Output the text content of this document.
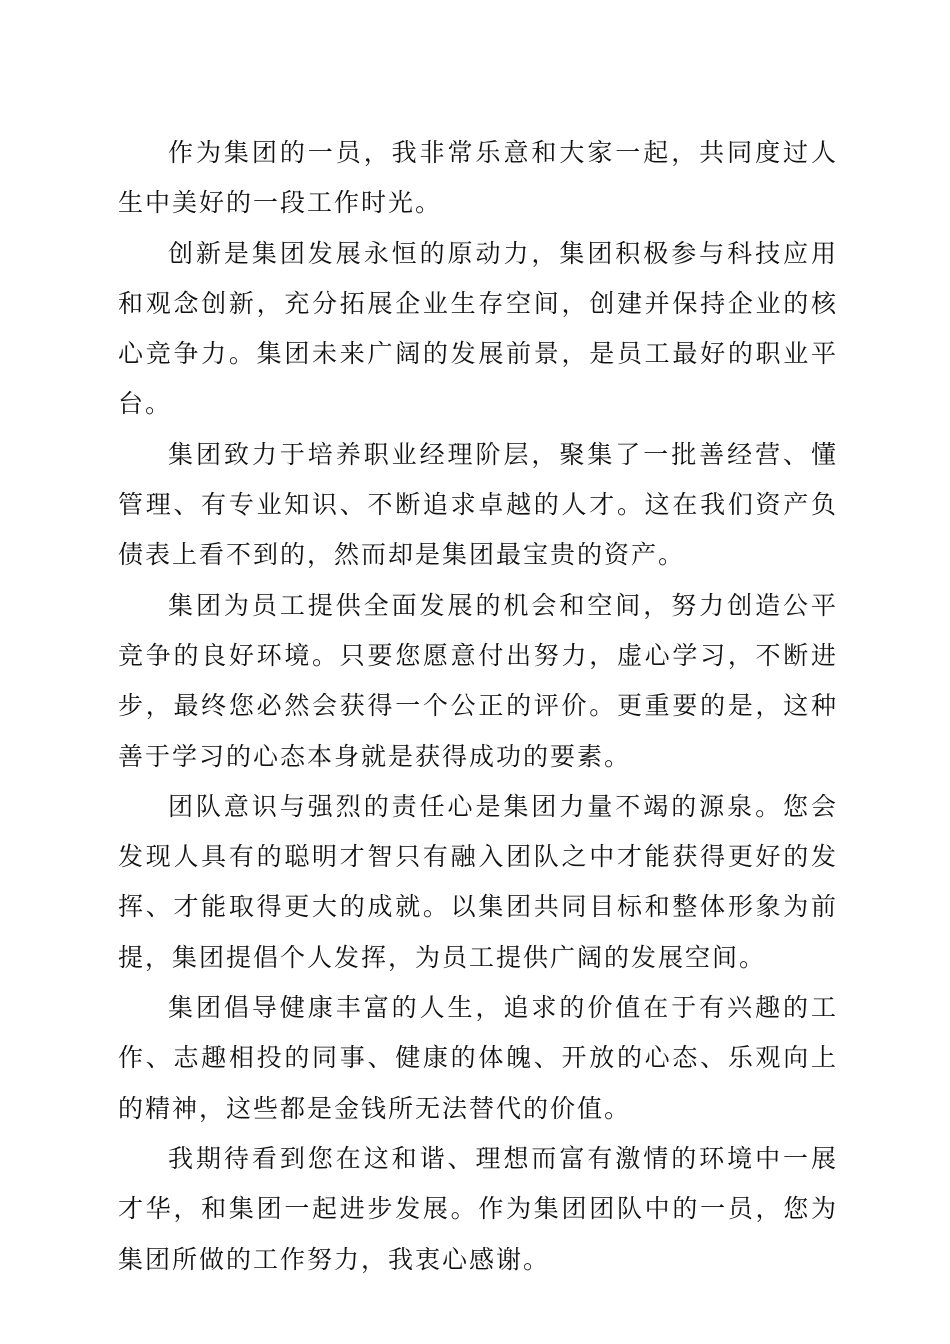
作为集团的一员，我非常乐意和大家一起，共同度过人生中美好的一段工作时光。

创新是集团发展永恒的原动力，集团积极参与科技应用和观念创新，充分拓展企业生存空间，创建并保持企业的核心竞争力。集团未来广阔的发展前景，是员工最好的职业平台。

集团致力于培养职业经理阶层，聚集了一批善经营、懂管理、有专业知识、不断追求卓越的人才。这在我们资产负债表上看不到的，然而却是集团最宝贵的资产。

集团为员工提供全面发展的机会和空间，努力创造公平竞争的良好环境。只要您愿意付出努力，虚心学习，不断进步，最终您必然会获得一个公正的评价。更重要的是，这种善于学习的心态本身就是获得成功的要素。

团队意识与强烈的责任心是集团力量不竭的源泉。您会发现人具有的聪明才智只有融入团队之中才能获得更好的发挥、才能取得更大的成就。以集团共同目标和整体形象为前提，集团提倡个人发挥，为员工提供广阔的发展空间。

集团倡导健康丰富的人生，追求的价值在于有兴趣的工作、志趣相投的同事、健康的体魄、开放的心态、乐观向上的精神，这些都是金钱所无法替代的价值。

我期待看到您在这和谐、理想而富有激情的环境中一展才华，和集团一起进步发展。作为集团团队中的一员，您为集团所做的工作努力，我衷心感谢。
